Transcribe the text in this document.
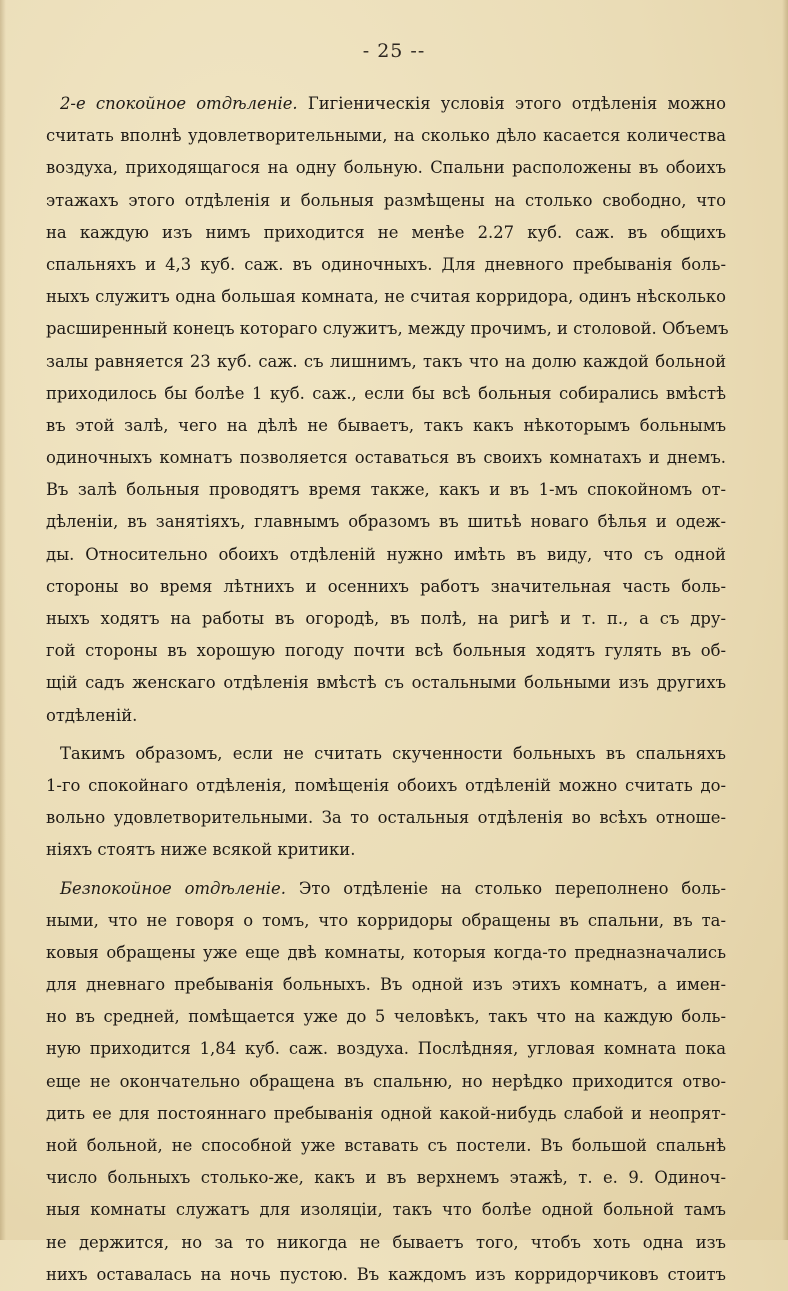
- 25 --
2-е спокойное отдѣленiе. Гигiеническiя условiя этого отдѣленiя можно
считать вполнѣ удовлетворительными, на сколько дѣло касается количества
воздуха, приходящагося на одну больную. Спальни расположены въ обоихъ
этажахъ этого отдѣленiя и больныя размѣщены на столько свободно, что
на каждую изъ нимъ приходится не менѣе 2.27 куб. саж. въ общихъ
спальняхъ и 4,3 куб. саж. въ одиночныхъ. Для дневного пребыванiя боль-
ныхъ служитъ одна большая комната, не считая корридора, одинъ нѣсколько
расширенный конецъ котораго служитъ, между прочимъ, и столовой. Объемъ
залы равняется 23 куб. саж. съ лишнимъ, такъ что на долю каждой больной
приходилось бы болѣе 1 куб. саж., если бы всѣ больныя собирались вмѣстѣ
въ этой залѣ, чего на дѣлѣ не бываетъ, такъ какъ нѣкоторымъ больнымъ
одиночныхъ комнатъ позволяется оставаться въ своихъ комнатахъ и днемъ.
Въ залѣ больныя проводятъ время также, какъ и въ 1-мъ спокойномъ от-
дѣленiи, въ занятiяхъ, главнымъ образомъ въ шитьѣ новаго бѣлья и одеж-
ды. Относительно обоихъ отдѣленiй нужно имѣть въ виду, что съ одной
стороны во время лѣтнихъ и осеннихъ работъ значительная часть боль-
ныхъ ходятъ на работы въ огородѣ, въ полѣ, на ригѣ и т. п., а съ дру-
гой стороны въ хорошую погоду почти всѣ больныя ходятъ гулять въ об-
щiй садъ женскаго отдѣленiя вмѣстѣ съ остальными больными изъ другихъ
отдѣленiй.
Такимъ образомъ, если не считать скученности больныхъ въ спальняхъ
1-го спокойнаго отдѣленiя, помѣщенiя обоихъ отдѣленiй можно считать до-
вольно удовлетворительными. За то остальныя отдѣленiя во всѣхъ отноше-
нiяхъ стоятъ ниже всякой критики.
Безпокойное отдѣленiе. Это отдѣленiе на столько переполнено боль-
ными, что не говоря о томъ, что корридоры обращены въ спальни, въ та-
ковыя обращены уже еще двѣ комнаты, которыя когда-то предназначались
для дневнаго пребыванiя больныхъ. Въ одной изъ этихъ комнатъ, а имен-
но въ средней, помѣщается уже до 5 человѣкъ, такъ что на каждую боль-
ную приходится 1,84 куб. саж. воздуха. Послѣдняя, угловая комната пока
еще не окончательно обращена въ спальню, но нерѣдко приходится отво-
дить ее для постояннаго пребыванiя одной какой-нибудь слабой и неопрят-
ной больной, не способной уже вставать съ постели. Въ большой спальнѣ
число больныхъ столько-же, какъ и въ верхнемъ этажѣ, т. е. 9. Одиноч-
ныя комнаты служатъ для изоляцiи, такъ что болѣе одной больной тамъ
не держится, но за то никогда не бываетъ того, чтобъ хоть одна изъ
нихъ оставалась на ночь пустою. Въ каждомъ изъ корридорчиковъ стоитъ
